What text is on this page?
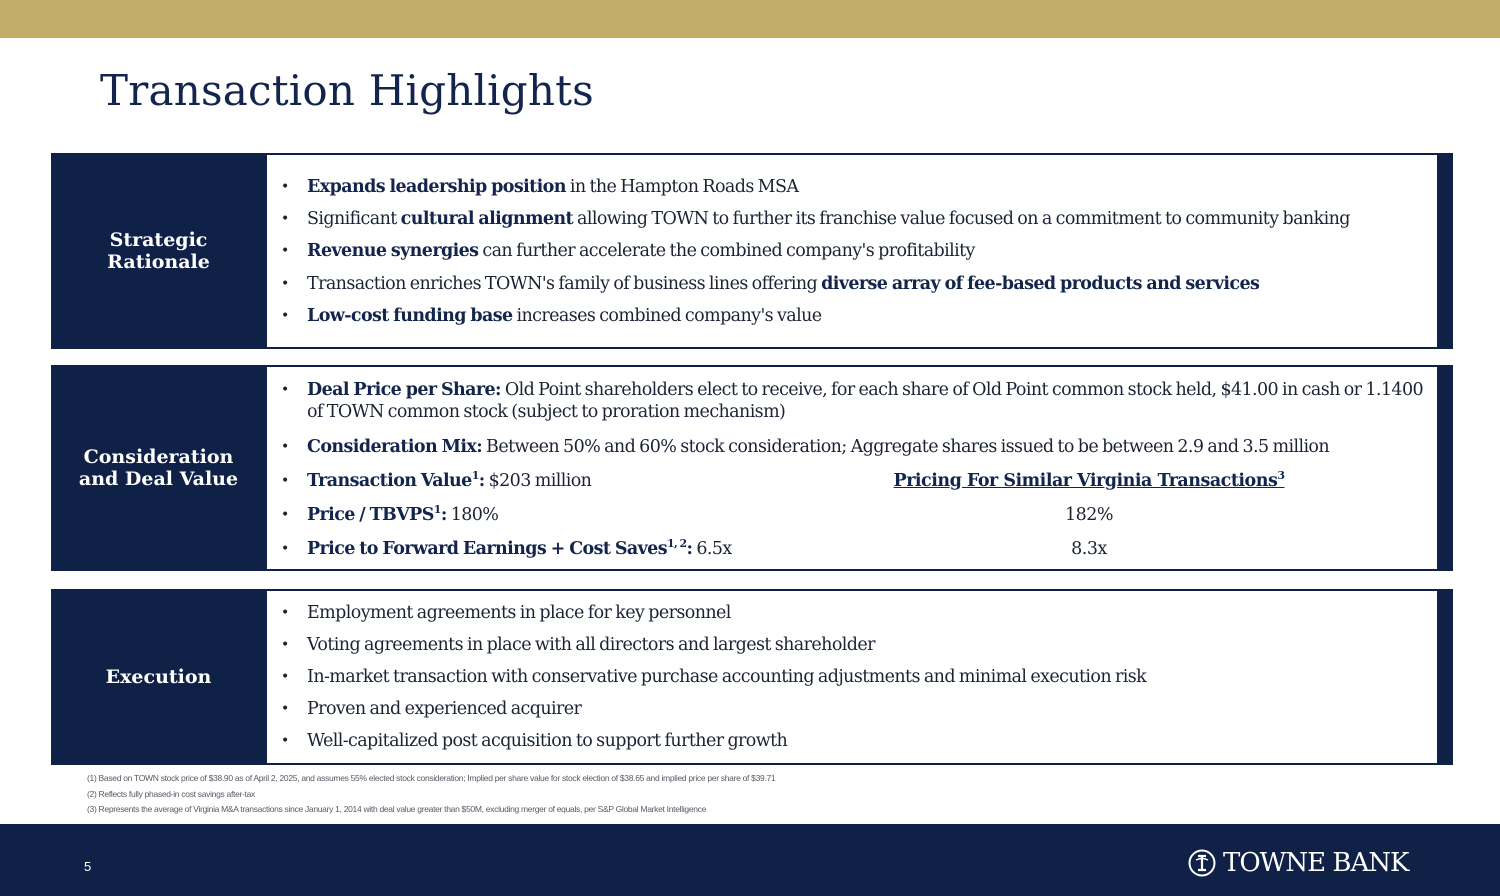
Transaction Highlights
Strategic
Rationale
• Expands leadership position in the Hampton Roads MSA
• Significant cultural alignment allowing TOWN to further its franchise value focused on a commitment to community banking
• Revenue synergies can further accelerate the combined company's profitability
• Transaction enriches TOWN's family of business lines offering diverse array of fee-based products and services
• Low-cost funding base increases combined company's value
Consideration
and Deal Value
• Deal Price per Share: Old Point shareholders elect to receive, for each share of Old Point common stock held, $41.00 in cash or 1.1400 of TOWN common stock (subject to proration mechanism)
• Consideration Mix: Between 50% and 60% stock consideration; Aggregate shares issued to be between 2.9 and 3.5 million
• Transaction Value$^1$: $203 million
• Price / TBVPS$^1$: 180%
• Price to Forward Earnings + Cost Saves$^{1, 2}$: 6.5x
Pricing For Similar Virginia Transactions$^3$
182%
8.3x
Execution
• Employment agreements in place for key personnel
• Voting agreements in place with all directors and largest shareholder
• In-market transaction with conservative purchase accounting adjustments and minimal execution risk
• Proven and experienced acquirer
• Well-capitalized post acquisition to support further growth
(1) Based on TOWN stock price of $38.90 as of April 2, 2025, and assumes 55% elected stock consideration; Implied per share value for stock election of $38.65 and implied price per share of $39.71
(2) Reflects fully phased-in cost savings after-tax
(3) Represents the average of Virginia M&A transactions since January 1, 2014 with deal value greater than $50M, excluding merger of equals, per S&P Global Market Intelligence
5	TOWNE BANK
